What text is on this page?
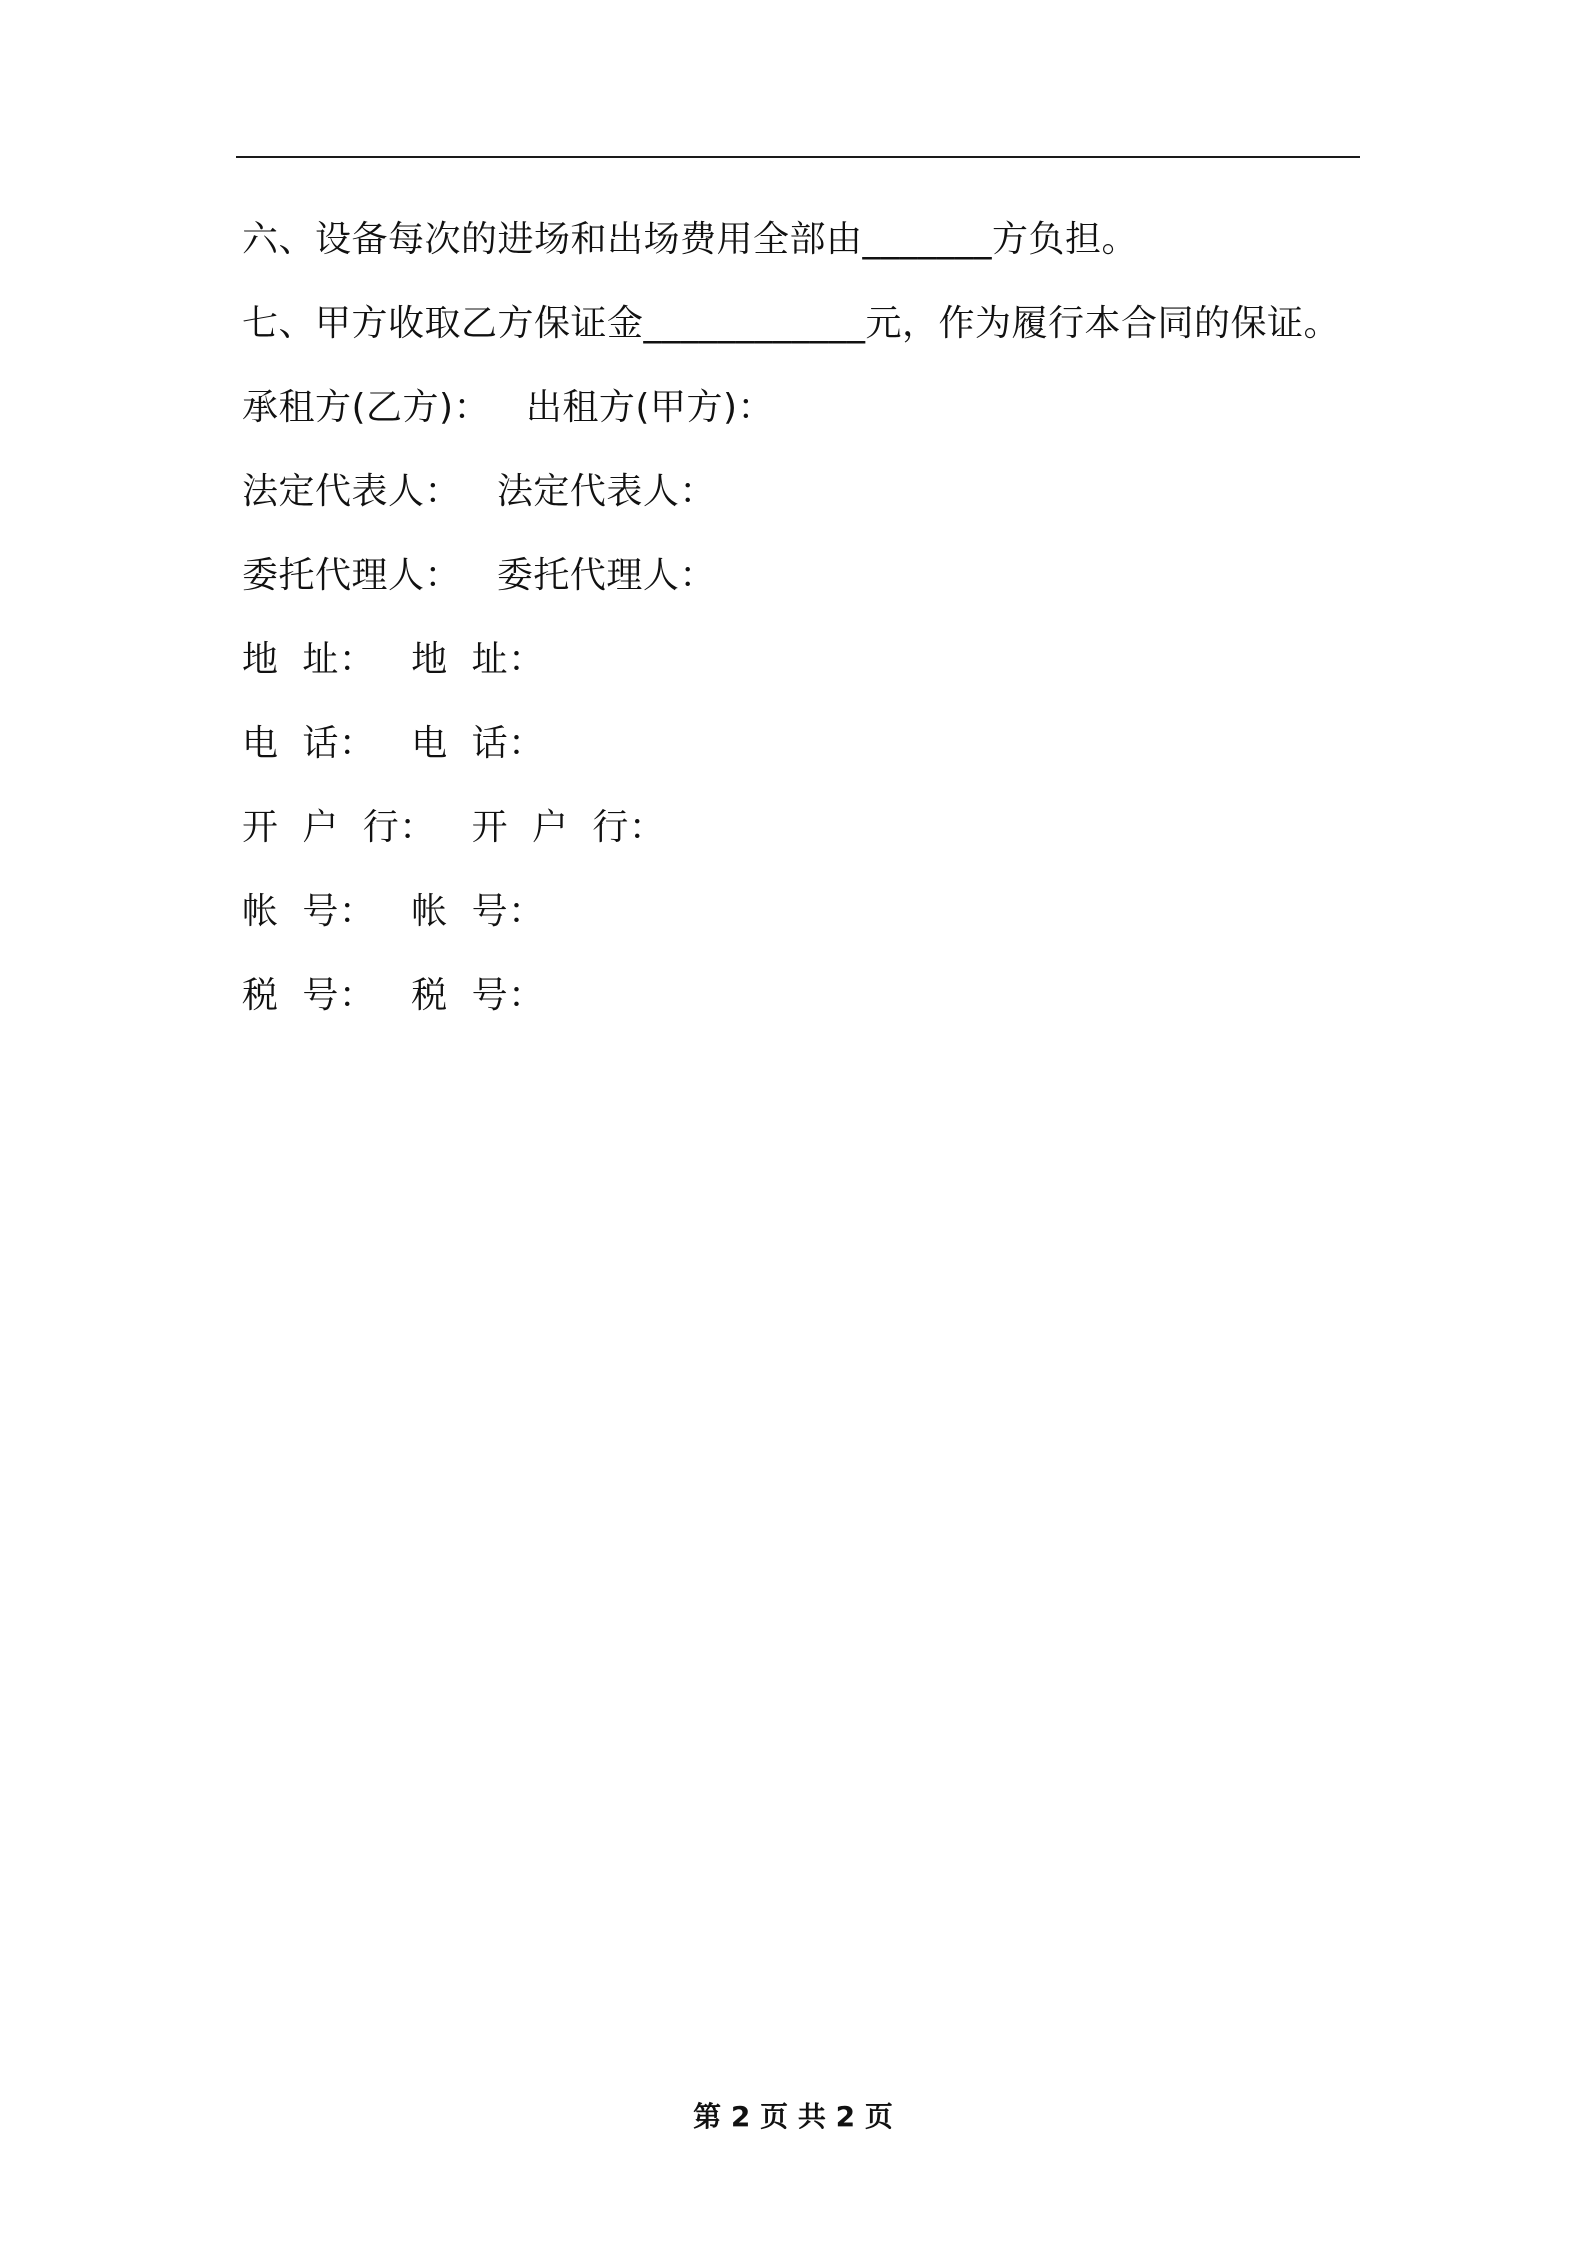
六、设备每次的进场和出场费用全部由_______方负担。
七、甲方收取乙方保证金____________元，作为履行本合同的保证。
承租方(乙方)：   出租方(甲方)：
法定代表人：   法定代表人：
委托代理人：   委托代理人：
地  址：   地  址：
电  话：   电  话：
开  户  行：   开  户  行：
帐  号：   帐  号：
税  号：   税  号：
第 2 页 共 2 页
